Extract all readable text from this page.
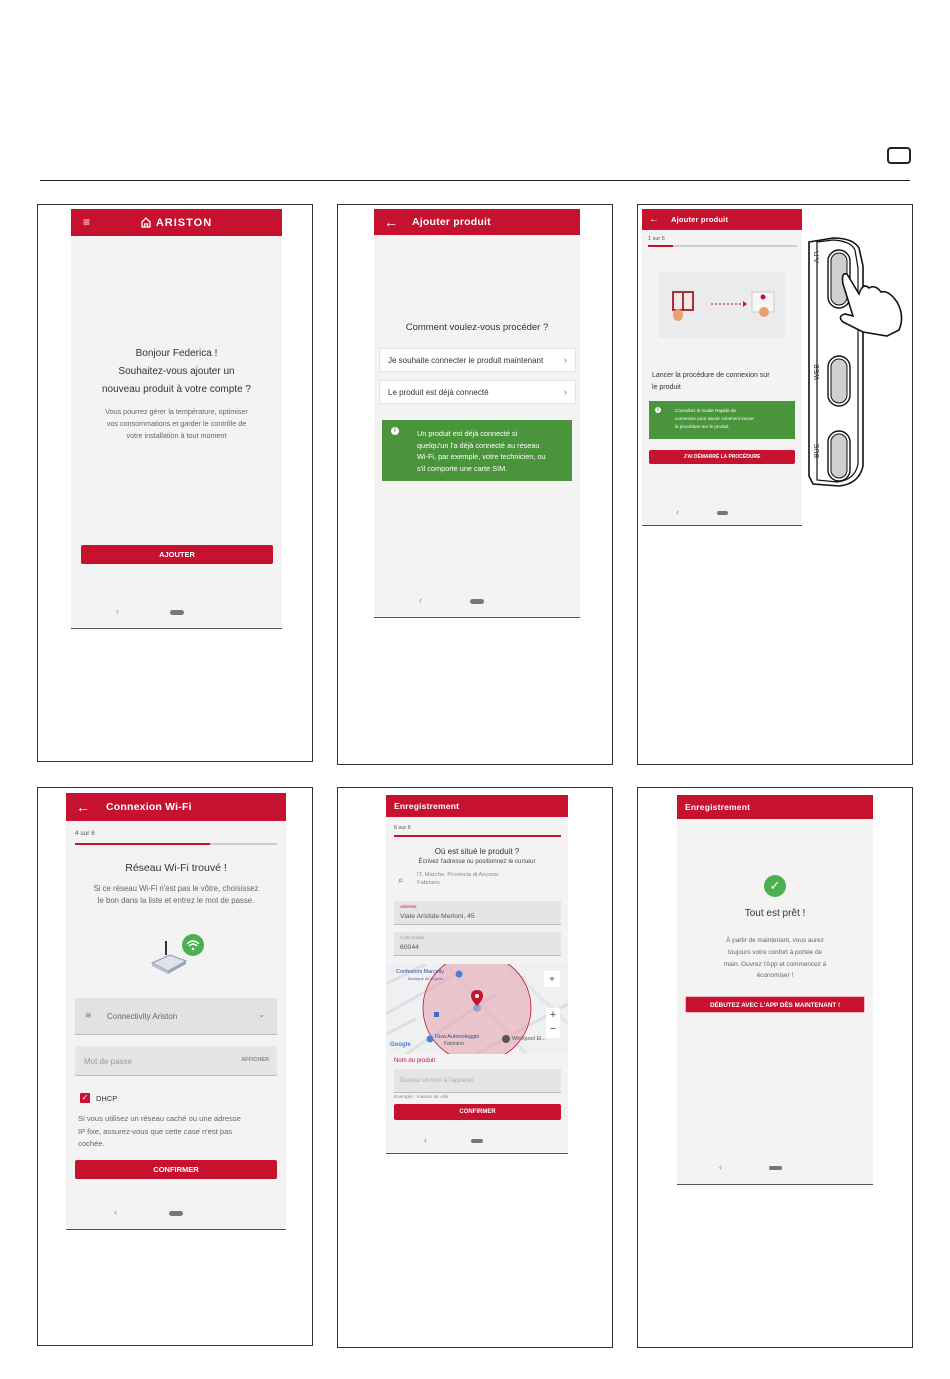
≡	ARISTON
Bonjour Federica !
Souhaitez-vous ajouter un
nouveau produit à votre compte ?
Vous pourrez gérer la température, optimiser
vos consommations et garder le contrôle de
votre installation à tout moment
AJOUTER
‹
←	Ajouter produit
Comment voulez-vous procéder ?
Je souhaite connecter le produit maintenant ›
Le produit est déjà connecté	›
i	Un produit est déjà connecté si
quelqu'un l'a déjà connecté au réseau
Wi-Fi, par exemple, votre technicien, ou
s'il comporte une carte SIM.
‹
←	Ajouter produit
1 sur 6
Lancer la procédure de connexion sur
le produit
i	Consultez le Guide Rapide de
connexion pour savoir comment lancer
la procédure sur le produit.
J'AI DÉMARRÉ LA PROCÉDURE
‹
A.P.
WEB
BUS
←	Connexion Wi-Fi
4 sur 6
Réseau Wi-Fi trouvé !
Si ce réseau Wi-Fi n'est pas le vôtre, choisissez
le bon dans la liste et entrez le mot de passe.
≋ Connectivity Ariston	⌄
Mot de passe	AFFICHER
✓ DHCP
Si vous utilisez un réseau caché ou une adresse
IP fixe, assurez-vous que cette case n'est pas
cochée.
CONFIRMER
‹
Enregistrement
6 sur 6
Où est situé le produit ?
Écrivez l'adresse ou positionnez le curseur
⌕ IT, Marche, Provincia di Ancona
Fabriano
Adresse
Viale Aristide Merloni, 45
Code postal
60044
Confezioni Marcelly
Boutique de lingerie
Riva Autonoleggio
Fabriano
Whirlpool El...
Google
⌖
+
−
Nom du produit
Donnez un nom à l'appareil
Exemple : maison de ville
CONFIRMER
‹
Enregistrement
✓
Tout est prêt !
À partir de maintenant, vous aurez
toujours votre confort à portée de
main. Ouvrez l'App et commencez à
économiser !
DÉBUTEZ AVEC L'APP DÈS MAINTENANT !
‹
